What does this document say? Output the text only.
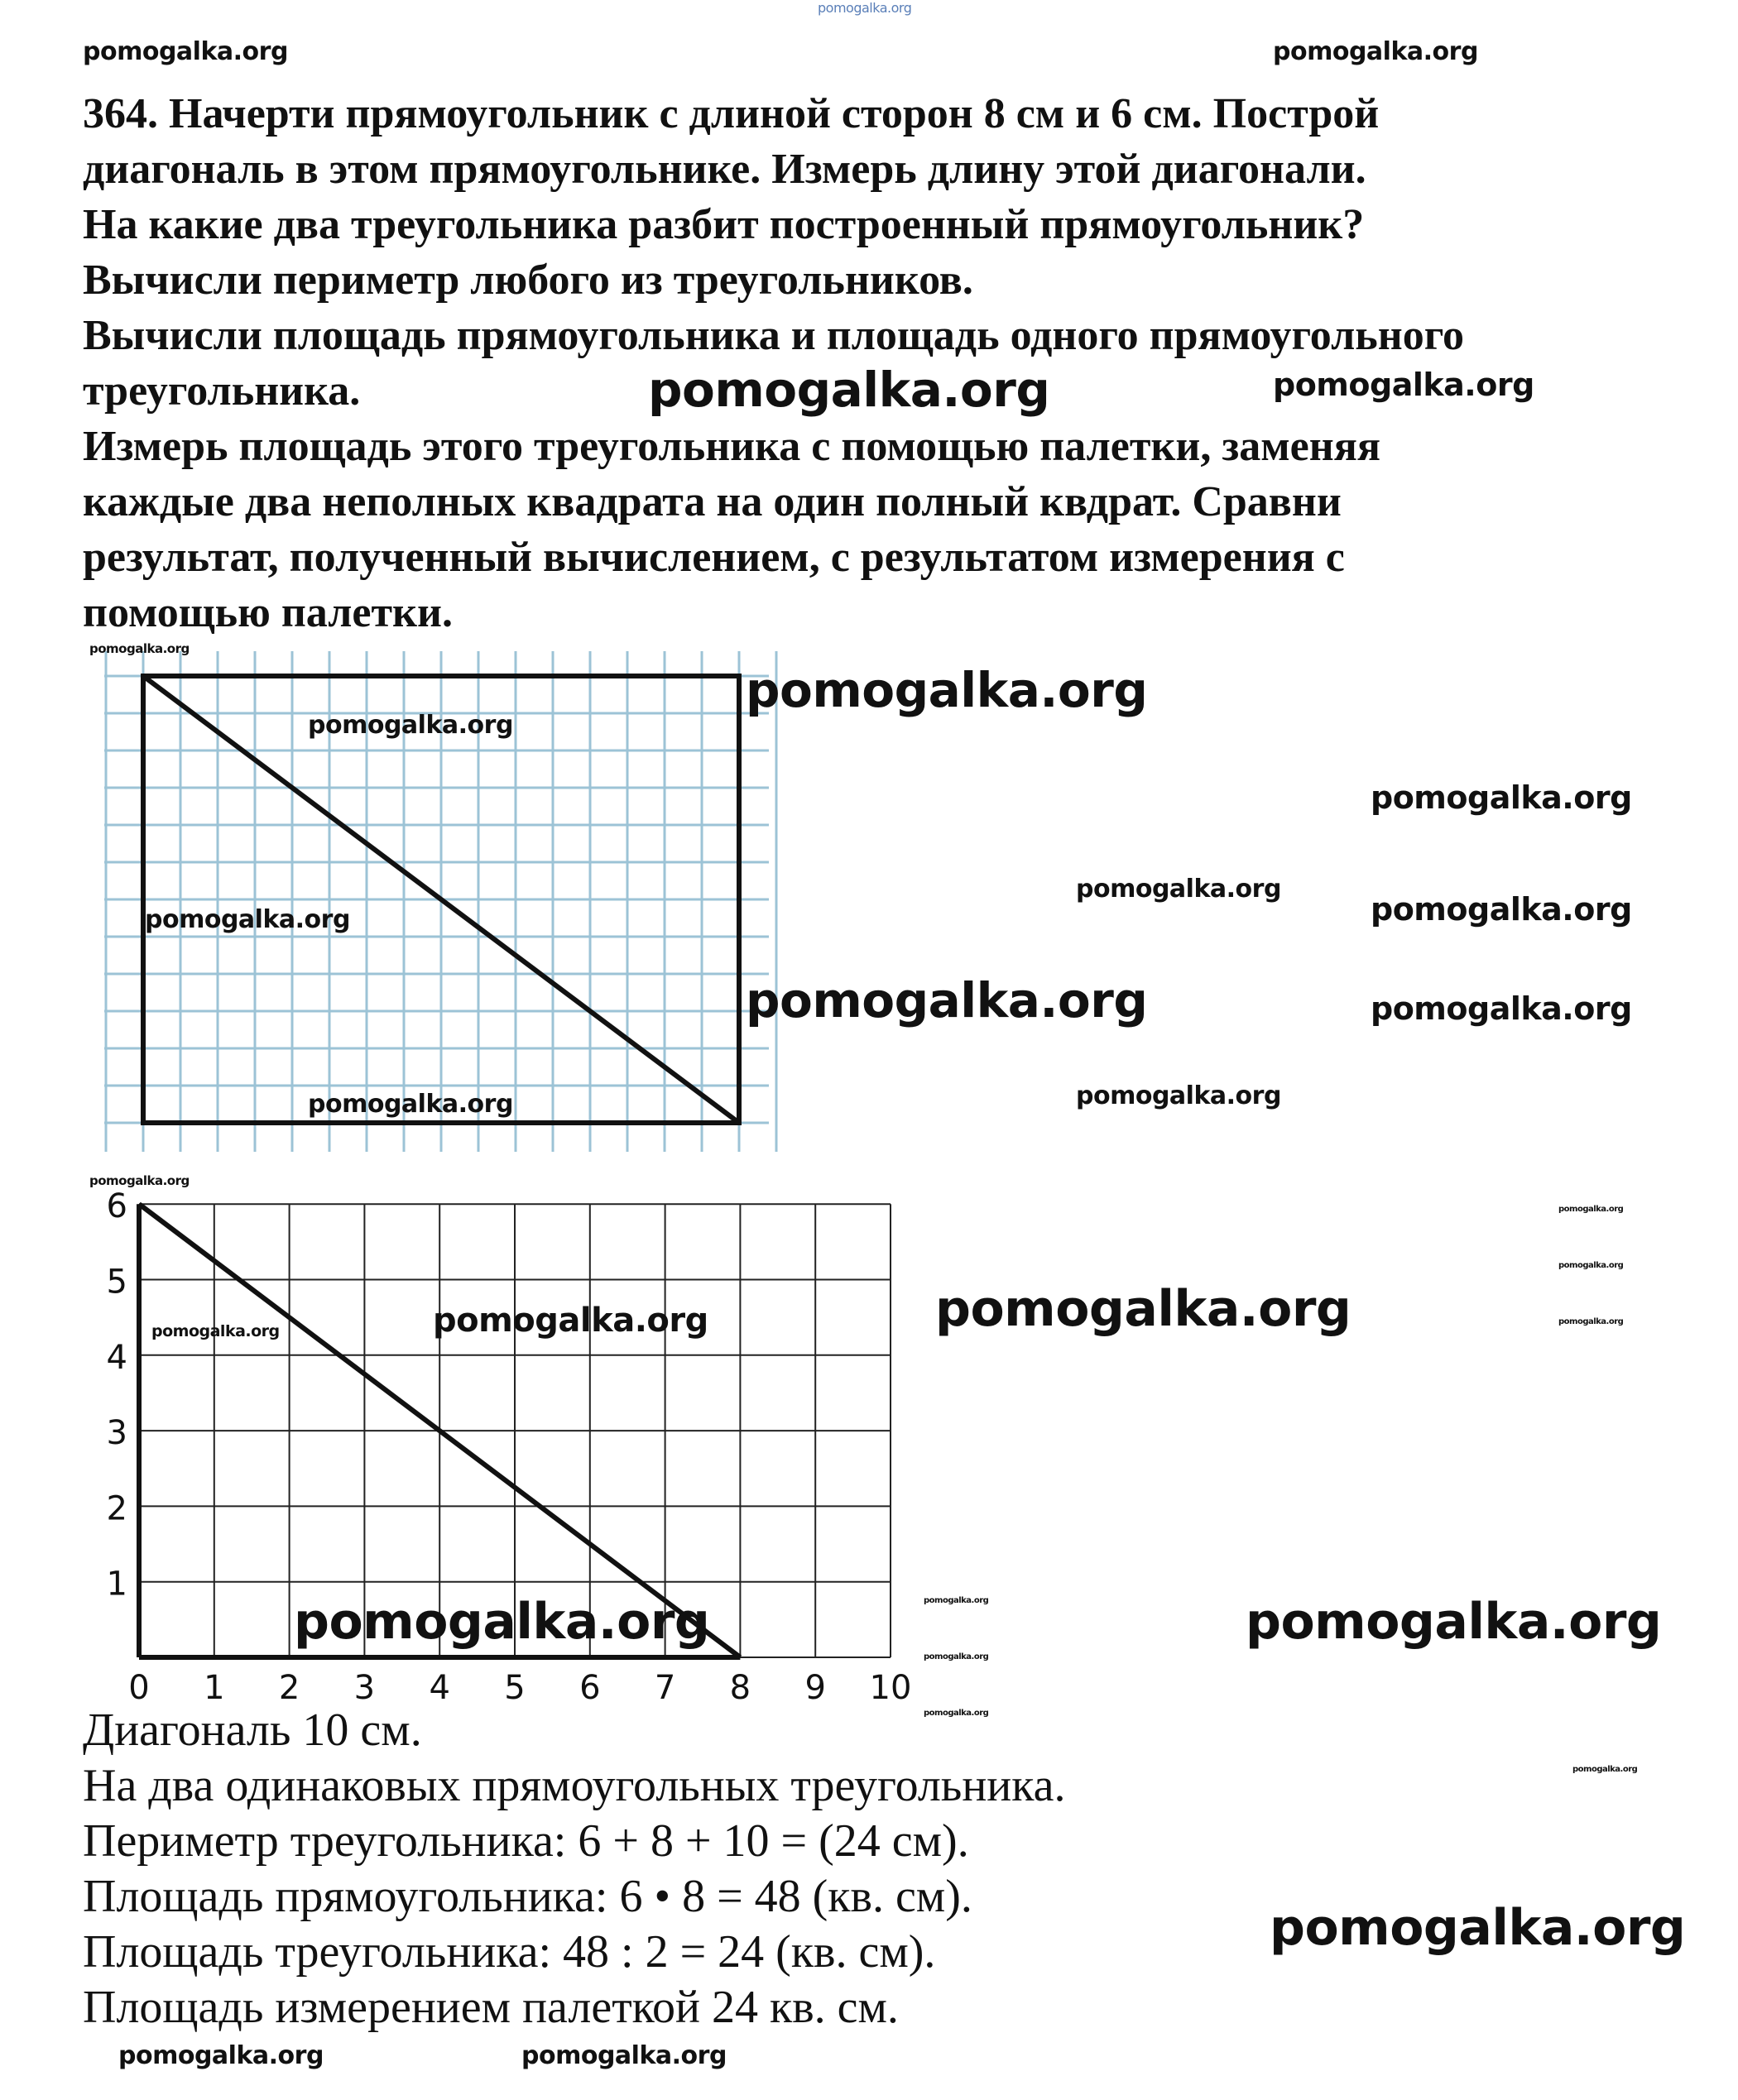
364. Начерти прямоугольник с длиной сторон 8 см и 6 см. Построй
диагональ в этом прямоугольнике. Измерь длину этой диагонали.
На какие два треугольника разбит построенный прямоугольник?
Вычисли периметр любого из треугольников.
Вычисли площадь прямоугольника и площадь одного прямоугольного
треугольника.
Измерь площадь этого треугольника с помощью палетки, заменяя
каждые два неполных квадрата на один полный квдрат. Сравни
результат, полученный вычислением, с результатом измерения с
помощью палетки.
0 1 2 3 4 5 6 7 8 9 10
1
2
3
4
5
6
Диагональ 10 см.
На два одинаковых прямоугольных треугольника.
Периметр треугольника: 6 + 8 + 10 = (24 см).
Площадь прямоугольника: 6 • 8 = 48 (кв. см).
Площадь треугольника: 48 : 2 = 24 (кв. см).
Площадь измерением палеткой 24 кв. см.
pomogalka.org
pomogalka.org	pomogalka.org
pomogalka.org
pomogalka.org	pomogalka.org
pomogalka.org
pomogalka.org
pomogalka.org
pomogalka.org
pomogalka.org
pomogalka.org
pomogalka.org
pomogalka.org	pomogalka.org
pomogalka.org
pomogalka.org
pomogalka.org
pomogalka.org
pomogalka.org
pomogalka.org	pomogalka.org	pomogalka.org
pomogalka.org	pomogalka.org
pomogalka.org
pomogalka.org
pomogalka.org
pomogalka.org
pomogalka.org
pomogalka.org	pomogalka.org
